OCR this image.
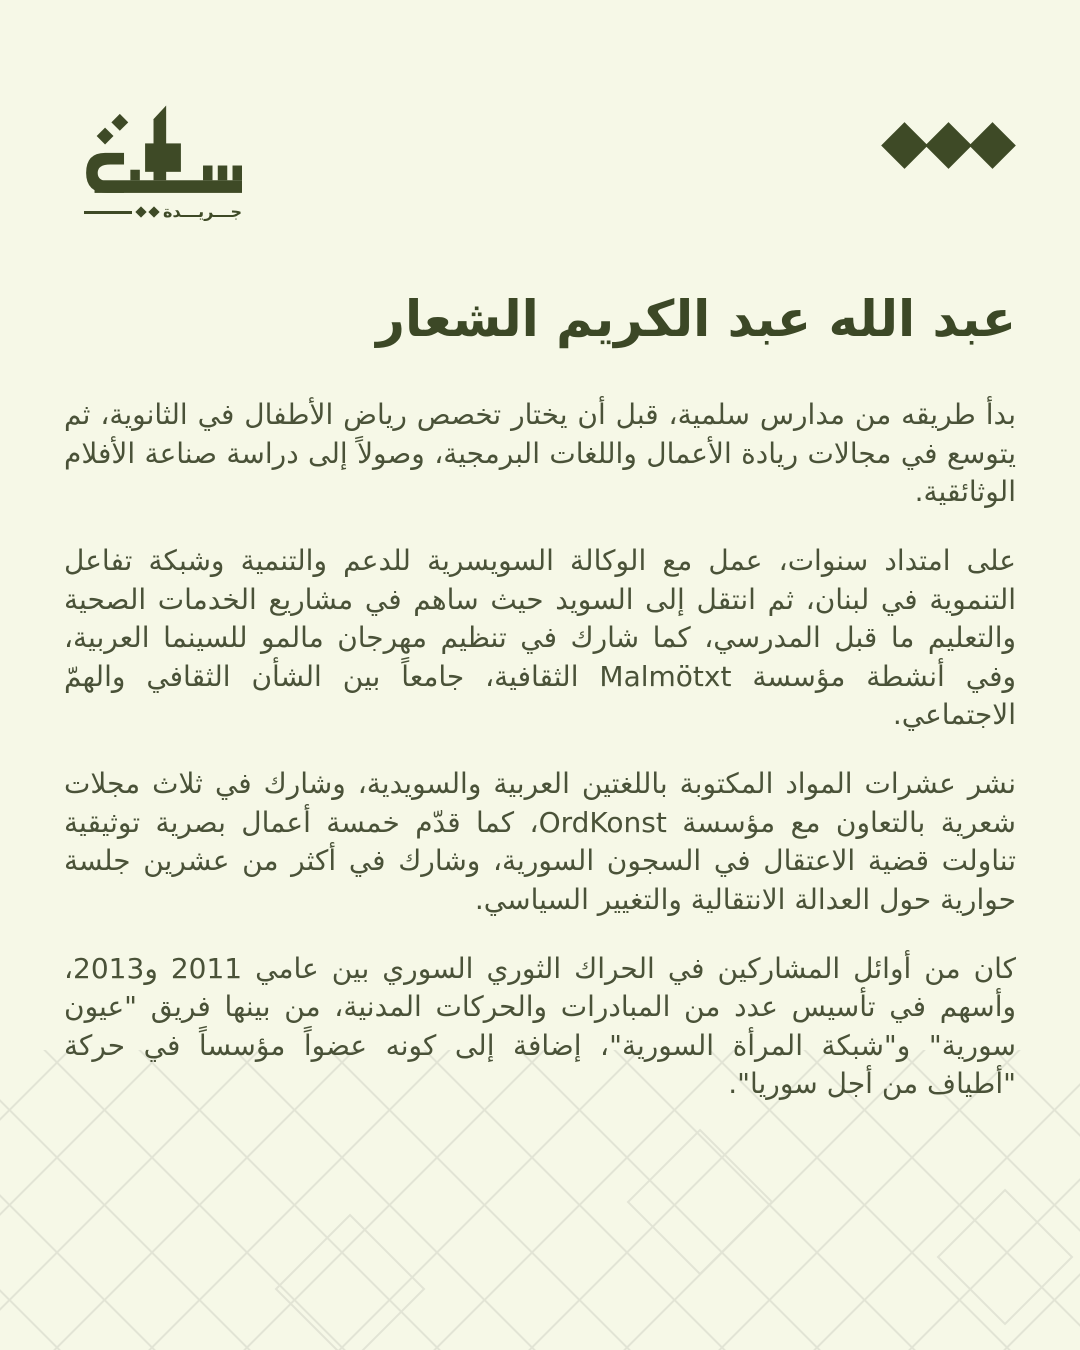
جـــريـــدة
عبد الله عبد الكريم الشعار

بدأ طريقه من مدارس سلمية، قبل أن يختار تخصص رياض الأطفال في الثانوية، ثم يتوسع في مجالات ريادة الأعمال واللغات البرمجية، وصولاً إلى دراسة صناعة الأفلام الوثائقية.

على امتداد سنوات، عمل مع الوكالة السويسرية للدعم والتنمية وشبكة تفاعل التنموية في لبنان، ثم انتقل إلى السويد حيث ساهم في مشاريع الخدمات الصحية والتعليم ما قبل المدرسي، كما شارك في تنظيم مهرجان مالمو للسينما العربية، وفي أنشطة مؤسسة Malmötxt الثقافية، جامعاً بين الشأن الثقافي والهمّ الاجتماعي.

نشر عشرات المواد المكتوبة باللغتين العربية والسويدية، وشارك في ثلاث مجلات شعرية بالتعاون مع مؤسسة OrdKonst، كما قدّم خمسة أعمال بصرية توثيقية تناولت قضية الاعتقال في السجون السورية، وشارك في أكثر من عشرين جلسة حوارية حول العدالة الانتقالية والتغيير السياسي.

كان من أوائل المشاركين في الحراك الثوري السوري بين عامي 2011 و2013، وأسهم في تأسيس عدد من المبادرات والحركات المدنية، من بينها فريق "عيون سورية" و"شبكة المرأة السورية"، إضافة إلى كونه عضواً مؤسساً في حركة "أطياف من أجل سوريا".
